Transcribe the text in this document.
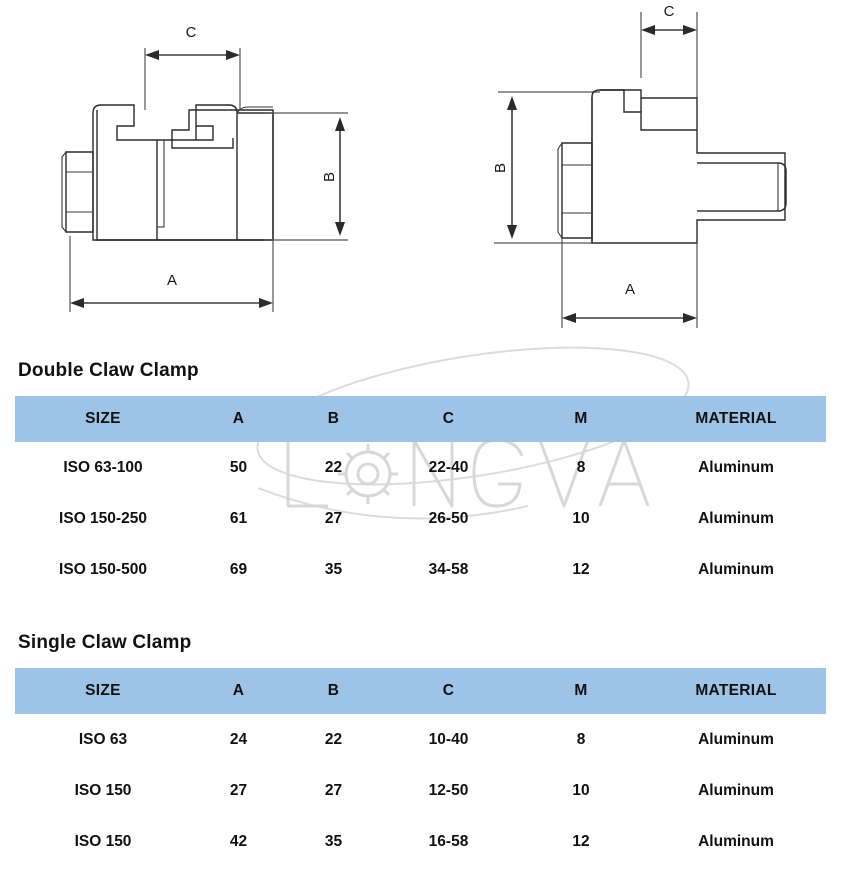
C
B
A
C
B
A
Double Claw Clamp
SIZE	A	B	C	M	MATERIAL
ISO 63-100	50	22	22-40	8	Aluminum
ISO 150-250	61	27	26-50	10	Aluminum
ISO 150-500	69	35	34-58	12	Aluminum
Single Claw Clamp
SIZE	A	B	C	M	MATERIAL
ISO 63	24	22	10-40	8	Aluminum
ISO 150	27	27	12-50	10	Aluminum
ISO 150	42	35	16-58	12	Aluminum
